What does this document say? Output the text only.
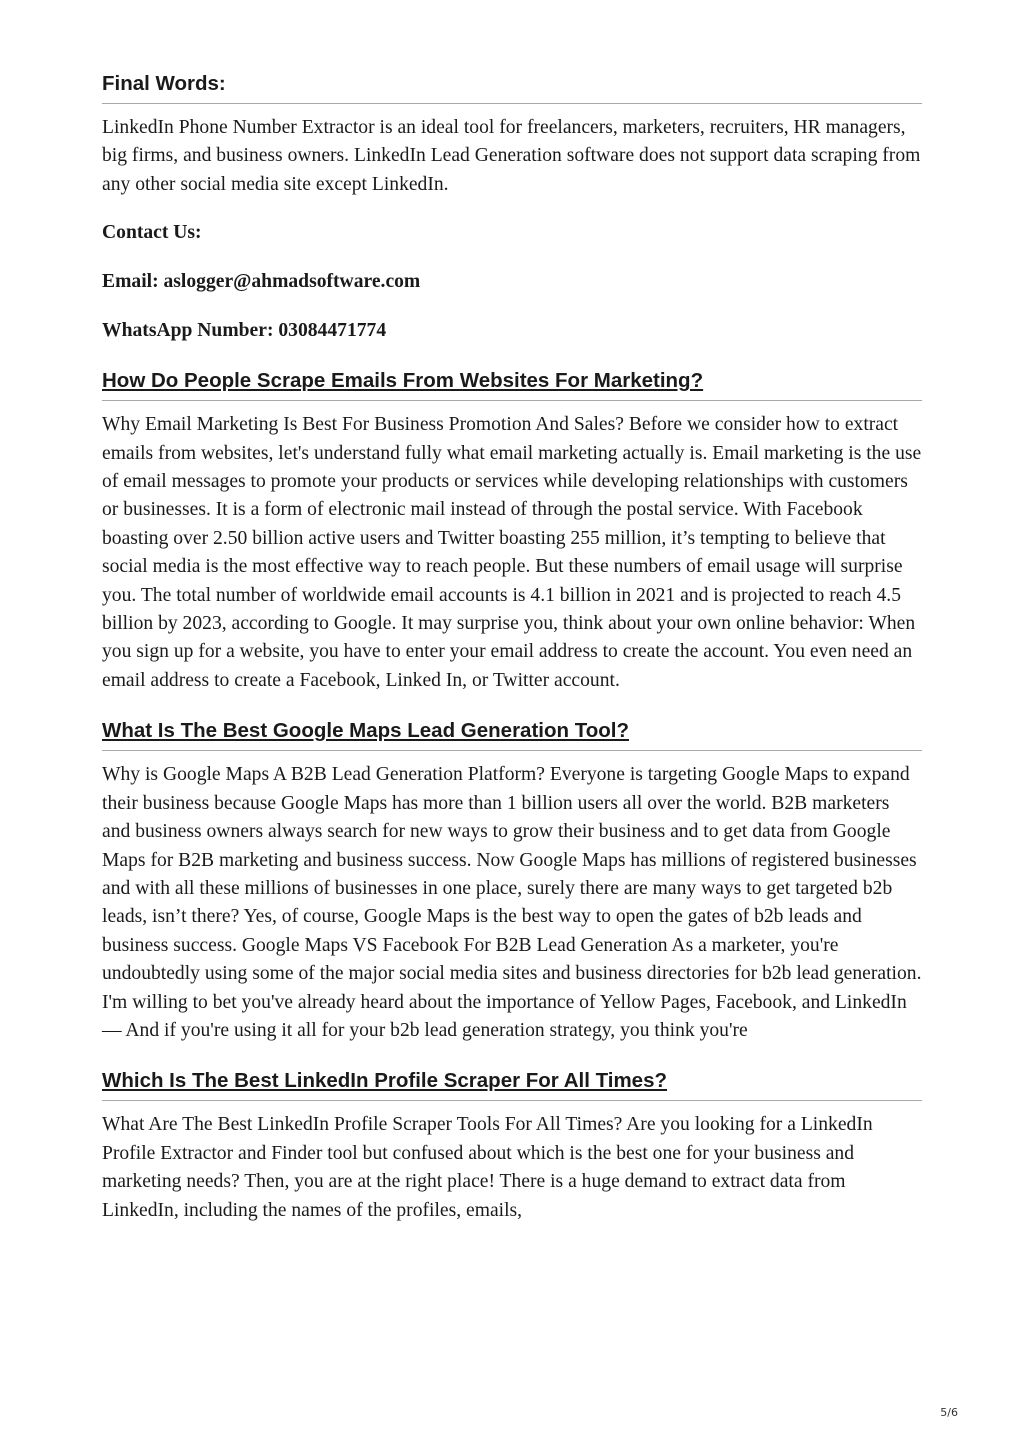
Final Words:

LinkedIn Phone Number Extractor is an ideal tool for freelancers, marketers, recruiters, HR managers, big firms, and business owners. LinkedIn Lead Generation software does not support data scraping from any other social media site except LinkedIn.

Contact Us:
Email: aslogger@ahmadsoftware.com
WhatsApp Number: 03084471774
How Do People Scrape Emails From Websites For Marketing?

Why Email Marketing Is Best For Business Promotion And Sales? Before we consider how to extract emails from websites, let's understand fully what email marketing actually is. Email marketing is the use of email messages to promote your products or services while developing relationships with customers or businesses. It is a form of electronic mail instead of through the postal service. With Facebook boasting over 2.50 billion active users and Twitter boasting 255 million, it’s tempting to believe that social media is the most effective way to reach people. But these numbers of email usage will surprise you. The total number of worldwide email accounts is 4.1 billion in 2021 and is projected to reach 4.5 billion by 2023, according to Google. It may surprise you, think about your own online behavior: When you sign up for a website, you have to enter your email address to create the account. You even need an email address to create a Facebook, Linked In, or Twitter account.

What Is The Best Google Maps Lead Generation Tool?

Why is Google Maps A B2B Lead Generation Platform? Everyone is targeting Google Maps to expand their business because Google Maps has more than 1 billion users all over the world. B2B marketers and business owners always search for new ways to grow their business and to get data from Google Maps for B2B marketing and business success. Now Google Maps has millions of registered businesses and with all these millions of businesses in one place, surely there are many ways to get targeted b2b leads, isn’t there? Yes, of course, Google Maps is the best way to open the gates of b2b leads and business success. Google Maps VS Facebook For B2B Lead Generation As a marketer, you're undoubtedly using some of the major social media sites and business directories for b2b lead generation. I'm willing to bet you've already heard about the importance of Yellow Pages, Facebook, and LinkedIn — And if you're using it all for your b2b lead generation strategy, you think you're

Which Is The Best LinkedIn Profile Scraper For All Times?

What Are The Best LinkedIn Profile Scraper Tools For All Times? Are you looking for a LinkedIn Profile Extractor and Finder tool but confused about which is the best one for your business and marketing needs? Then, you are at the right place! There is a huge demand to extract data from LinkedIn, including the names of the profiles, emails,

5/6
